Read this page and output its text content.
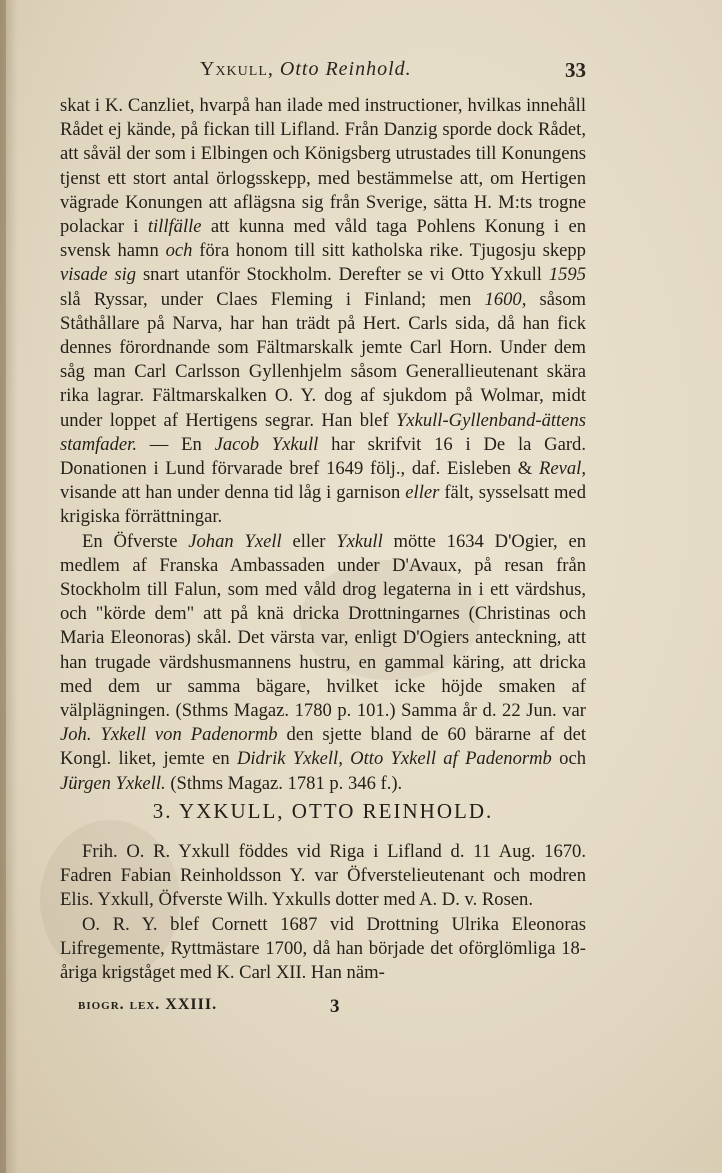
Yxkull, Otto Reinhold.	33

skat i K. Canzliet, hvarpå han ilade med instructioner, hvilkas innehåll Rådet ej kände, på fickan till Lifland. Från Danzig sporde dock Rådet, att såväl der som i Elbingen och Königsberg utrustades till Konungens tjenst ett stort antal örlogsskepp, med bestämmelse att, om Hertigen vägrade Konungen att aflägsna sig från Sverige, sätta H. M:ts trogne polackar i tillfälle att kunna med våld taga Pohlens Konung i en svensk hamn och föra honom till sitt katholska rike. Tjugosju skepp visade sig snart utanför Stockholm. Derefter se vi Otto Yxkull 1595 slå Ryssar, under Claes Fleming i Finland; men 1600, såsom Ståthållare på Narva, har han trädt på Hert. Carls sida, då han fick dennes förordnande som Fältmarskalk jemte Carl Horn. Under dem såg man Carl Carlsson Gyllenhjelm såsom Generallieutenant skära rika lagrar. Fältmarskalken O. Y. dog af sjukdom på Wolmar, midt under loppet af Hertigens segrar. Han blef Yxkull-Gyllenband-ättens stamfader. — En Jacob Yxkull har skrifvit 16 i De la Gard. Donationen i Lund förvarade bref 1649 följ., daf. Eisleben & Reval, visande att han under denna tid låg i garnison eller fält, sysselsatt med krigiska förrättningar.

En Öfverste Johan Yxell eller Yxkull mötte 1634 D'Ogier, en medlem af Franska Ambassaden under D'Avaux, på resan från Stockholm till Falun, som med våld drog legaterna in i ett värdshus, och "körde dem" att på knä dricka Drottningarnes (Christinas och Maria Eleonoras) skål. Det värsta var, enligt D'Ogiers anteckning, att han trugade värdshusmannens hustru, en gammal käring, att dricka med dem ur samma bägare, hvilket icke höjde smaken af välplägningen. (Sthms Magaz. 1780 p. 101.) Samma år d. 22 Jun. var Joh. Yxkell von Padenormb den sjette bland de 60 bärarne af det Kongl. liket, jemte en Didrik Yxkell, Otto Yxkell af Padenormb och Jürgen Yxkell. (Sthms Magaz. 1781 p. 346 f.).

3. YXKULL, OTTO REINHOLD.

Frih. O. R. Yxkull föddes vid Riga i Lifland d. 11 Aug. 1670. Fadren Fabian Reinholdsson Y. var Öfverstelieutenant och modren Elis. Yxkull, Öfverste Wilh. Yxkulls dotter med A. D. v. Rosen.

O. R. Y. blef Cornett 1687 vid Drottning Ulrika Eleonoras Lifregemente, Ryttmästare 1700, då han började det oförglömliga 18-åriga krigståget med K. Carl XII. Han näm-

biogr. lex. XXIII.	3
